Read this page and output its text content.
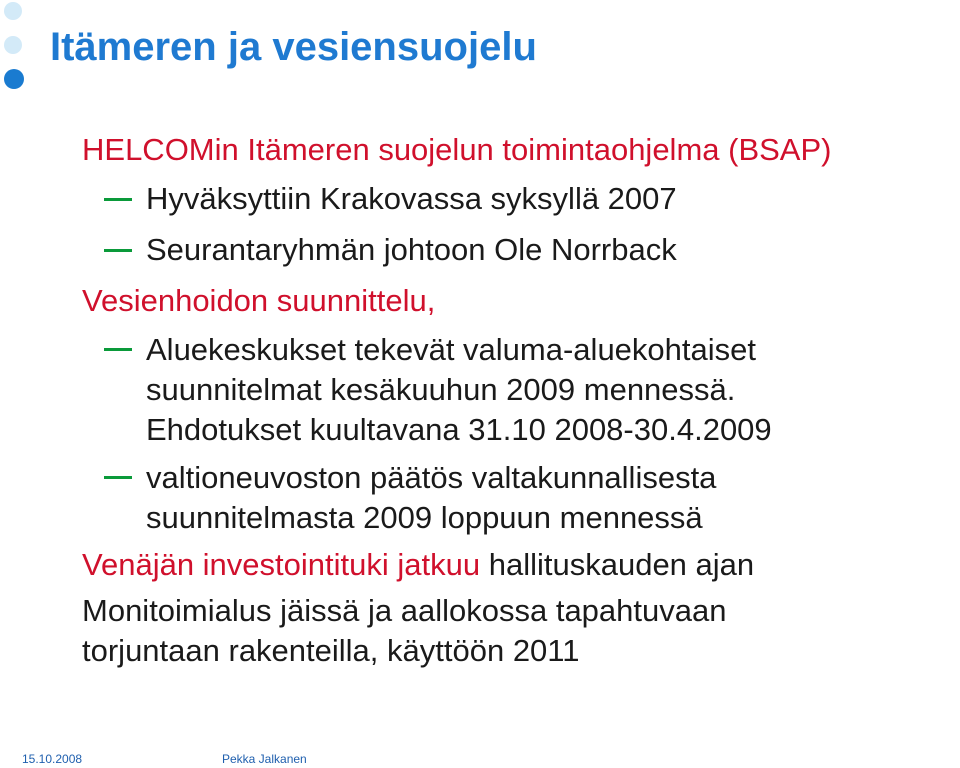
Itämeren ja vesiensuojelu
HELCOMin Itämeren suojelun toimintaohjelma (BSAP)
Hyväksyttiin Krakovassa syksyllä 2007
Seurantaryhmän johtoon Ole Norrback
Vesienhoidon suunnittelu,
Aluekeskukset tekevät valuma-aluekohtaiset
suunnitelmat kesäkuuhun 2009 mennessä.
Ehdotukset kuultavana 31.10 2008-30.4.2009
valtioneuvoston päätös valtakunnallisesta
suunnitelmasta 2009 loppuun mennessä
Venäjän investointituki jatkuu hallituskauden ajan
Monitoimialus jäissä ja aallokossa tapahtuvaan
torjuntaan rakenteilla, käyttöön 2011
15.10.2008	Pekka Jalkanen
